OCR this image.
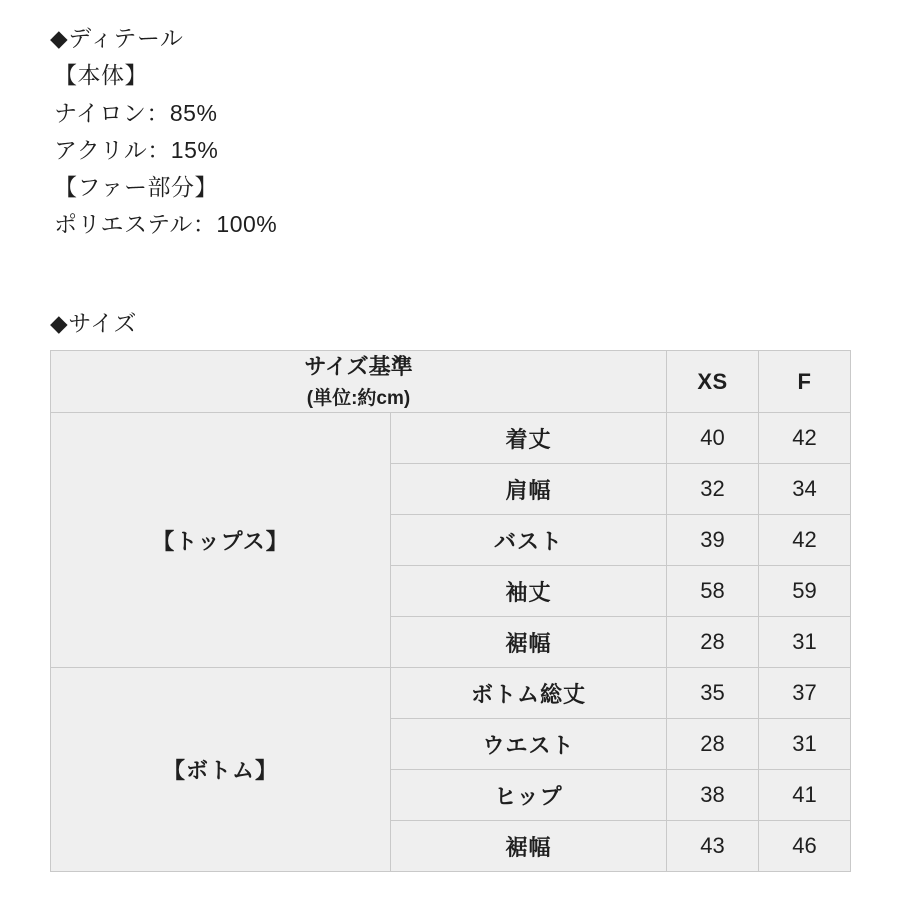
◆ディテール
【本体】
ナイロン：85%
アクリル：15%
【ファー部分】
ポリエステル：100%
◆サイズ
サイズ基準
(単位:約cm)		XS	F
【トップス】	着丈	40	42
	肩幅	32	34
	バスト	39	42
	袖丈	58	59
	裾幅	28	31
【ボトム】	ボトム総丈	35	37
	ウエスト	28	31
	ヒップ	38	41
	裾幅	43	46
